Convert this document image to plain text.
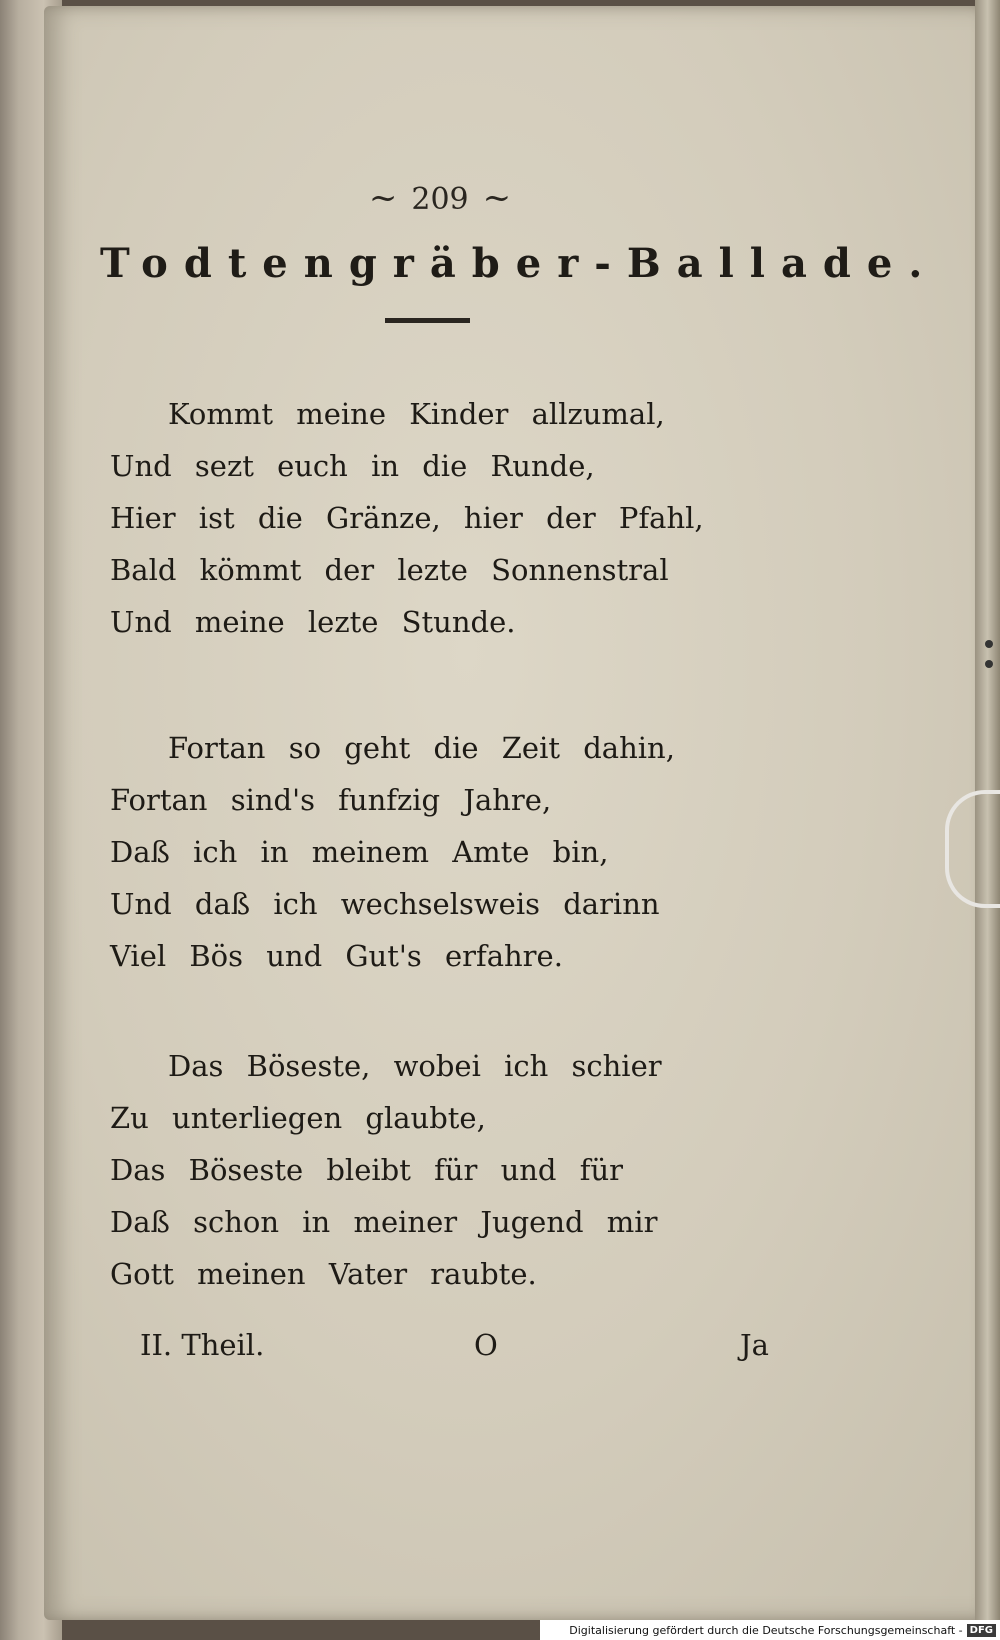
~ 209 ~
Todtengräber-Ballade.
Kommt meine Kinder allzumal,
Und sezt euch in die Runde,
Hier ist die Gränze, hier der Pfahl,
Bald kömmt der lezte Sonnenstral
Und meine lezte Stunde.
Fortan so geht die Zeit dahin,
Fortan sind's funfzig Jahre,
Daß ich in meinem Amte bin,
Und daß ich wechselsweis darinn
Viel Bös und Gut's erfahre.
Das Böseste, wobei ich schier
Zu unterliegen glaubte,
Das Böseste bleibt für und für
Daß schon in meiner Jugend mir
Gott meinen Vater raubte.
II. Theil.	O	Ja
Digitalisierung gefördert durch die Deutsche Forschungsgemeinschaft - DFG
